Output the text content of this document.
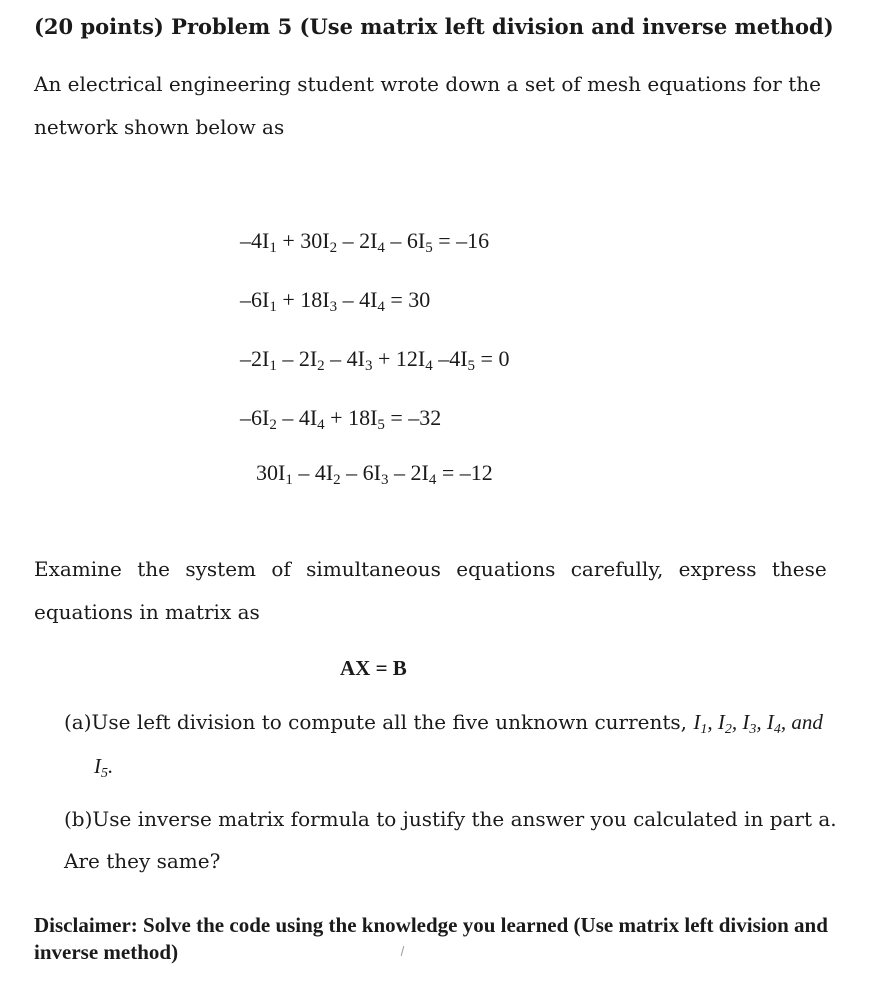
(20 points) Problem 5 (Use matrix left division and inverse method)
An electrical engineering student wrote down a set of mesh equations for the
network shown below as
$-4I_1 + 30I_2 - 2I_4 - 6I_5 = -16$
$-6I_1 + 18I_3 - 4I_4 = 30$
$-2I_1 - 2I_2 - 4I_3 + 12I_4$ $-4I_5 = 0$
$-6I_2 - 4I_4 + 18I_5 = -32$
$30I_1 - 4I_2 - 6I_3 - 2I_4 = -12$
Examine the system of simultaneous equations carefully, express these
equations in matrix as
AX = B
(a)Use left division to compute all the five unknown currents, $I_1$, $I_2$, $I_3$, $I_4$, and
$I_5$.
(b)Use inverse matrix formula to justify the answer you calculated in part a.
Are they same?
Disclaimer: Solve the code using the knowledge you learned (Use matrix left division and inverse method)
